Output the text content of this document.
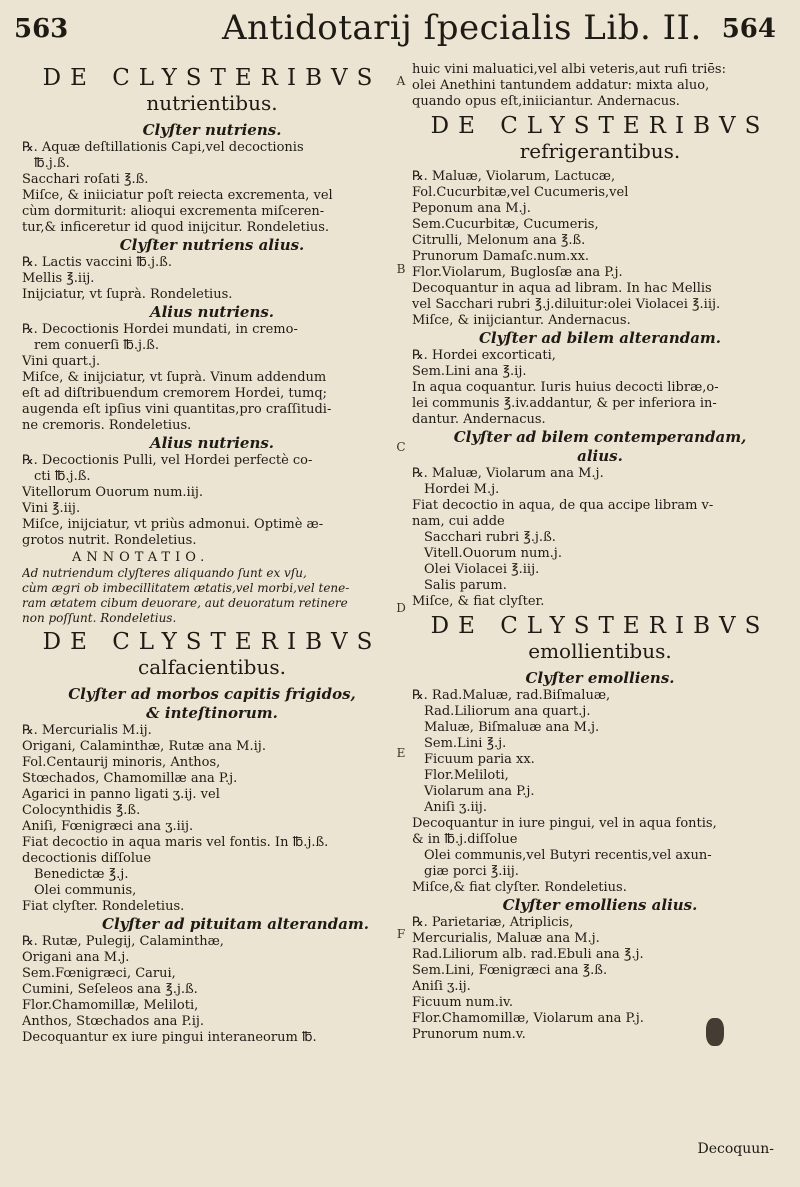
563	Antidotarij ſpecialis Lib. II. 564
A
B
C
D
E
F
DE CLYSTERIBVS
nutrientibus.
Clyſter nutriens.
℞. Aquæ deſtillationis Capi,vel decoctionis
℔.j.ß.
Sacchari roſati ℥.ß.
Miſce, & iniiciatur poſt reiecta excrementa, vel
cùm dormiturit: alioqui excrementa miſceren-
tur,& inficeretur id quod inijcitur. Rondeletius.
Clyſter nutriens alius.
℞. Lactis vaccini ℔.j.ß.
Mellis ℥.iij.
Inijciatur, vt ſuprà. Rondeletius.
Alius nutriens.
℞. Decoctionis Hordei mundati, in cremo-
rem conuerſi ℔.j.ß.
Vini quart.j.
Miſce, & inijciatur, vt ſuprà. Vinum addendum
eſt ad diſtribuendum cremorem Hordei, tumq;
augenda eſt ipſius vini quantitas,pro craſſitudi-
ne cremoris. Rondeletius.
Alius nutriens.
℞. Decoctionis Pulli, vel Hordei perfectè co-
cti ℔.j.ß.
Vitellorum Ouorum num.iij.
Vini ℥.iij.
Miſce, inijciatur, vt priùs admonui. Optimè æ-
grotos nutrit. Rondeletius.
ANNOTATIO.
Ad nutriendum clyſteres aliquando ſunt ex vſu,
cùm ægri ob imbecillitatem ætatis,vel morbi,vel tene-
ram ætatem cibum deuorare, aut deuoratum retinere
non poſſunt. Rondeletius.
DE CLYSTERIBVS
calfacientibus.
Clyſter ad morbos capitis frigidos,
& inteſtinorum.
℞. Mercurialis M.ij.
Origani, Calaminthæ, Rutæ ana M.ij.
Fol.Centaurij minoris, Anthos,
Stœchados, Chamomillæ ana P.j.
Agarici in panno ligati ʒ.ij. vel
Colocynthidis ℥.ß.
Aniſi, Fœnigræci ana ʒ.iij.
Fiat decoctio in aqua maris vel fontis. In ℔.j.ß.
decoctionis diſſolue
Benedictæ ℥.j.
Olei communis,
Fiat clyſter. Rondeletius.
Clyſter ad pituitam alterandam.
℞. Rutæ, Pulegij, Calaminthæ,
Origani ana M.j.
Sem.Fœnigræci, Carui,
Cumini, Seſeleos ana ℥.j.ß.
Flor.Chamomillæ, Meliloti,
Anthos, Stœchados ana P.ij.
Decoquantur ex iure pingui interaneorum ℔.
huic vini maluatici,vel albi veteris,aut rufi triēs:
olei Anethini tantundem addatur: mixta aluo,
quando opus eſt,iniiciantur. Andernacus.
DE CLYSTERIBVS
refrigerantibus.
℞. Maluæ, Violarum, Lactucæ,
Fol.Cucurbitæ,vel Cucumeris,vel
Peponum ana M.j.
Sem.Cucurbitæ, Cucumeris,
Citrulli, Melonum ana ℥.ß.
Prunorum Damaſc.num.xx.
Flor.Violarum, Buglosſæ ana P.j.
Decoquantur in aqua ad libram. In hac Mellis
vel Sacchari rubri ℥.j.diluitur:olei Violacei ℥.iij.
Miſce, & inijciantur. Andernacus.
Clyſter ad bilem alterandam.
℞. Hordei excorticati,
Sem.Lini ana ℥.ij.
In aqua coquantur. Iuris huius decocti libræ,o-
lei communis ℥.iv.addantur, & per inferiora in-
dantur. Andernacus.
Clyſter ad bilem contemperandam,
alius.
℞. Maluæ, Violarum ana M.j.
Hordei M.j.
Fiat decoctio in aqua, de qua accipe libram v-
nam, cui adde
Sacchari rubri ℥.j.ß.
Vitell.Ouorum num.j.
Olei Violacei ℥.iij.
Salis parum.
Miſce, & fiat clyſter.
DE CLYSTERIBVS
emollientibus.
Clyſter emolliens.
℞. Rad.Maluæ, rad.Biſmaluæ,
Rad.Liliorum ana quart.j.
Maluæ, Biſmaluæ ana M.j.
Sem.Lini ℥.j.
Ficuum paria xx.
Flor.Meliloti,
Violarum ana P.j.
Aniſi ʒ.iij.
Decoquantur in iure pingui, vel in aqua fontis,
& in ℔.j.diſſolue
Olei communis,vel Butyri recentis,vel axun-
giæ porci ℥.iij.
Miſce,& fiat clyſter. Rondeletius.
Clyſter emolliens alius.
℞. Parietariæ, Atriplicis,
Mercurialis, Maluæ ana M.j.
Rad.Liliorum alb. rad.Ebuli ana ℥.j.
Sem.Lini, Fœnigræci ana ℥.ß.
Aniſi ʒ.ij.
Ficuum num.iv.
Flor.Chamomillæ, Violarum ana P.j.
Prunorum num.v.
Decoquun-
